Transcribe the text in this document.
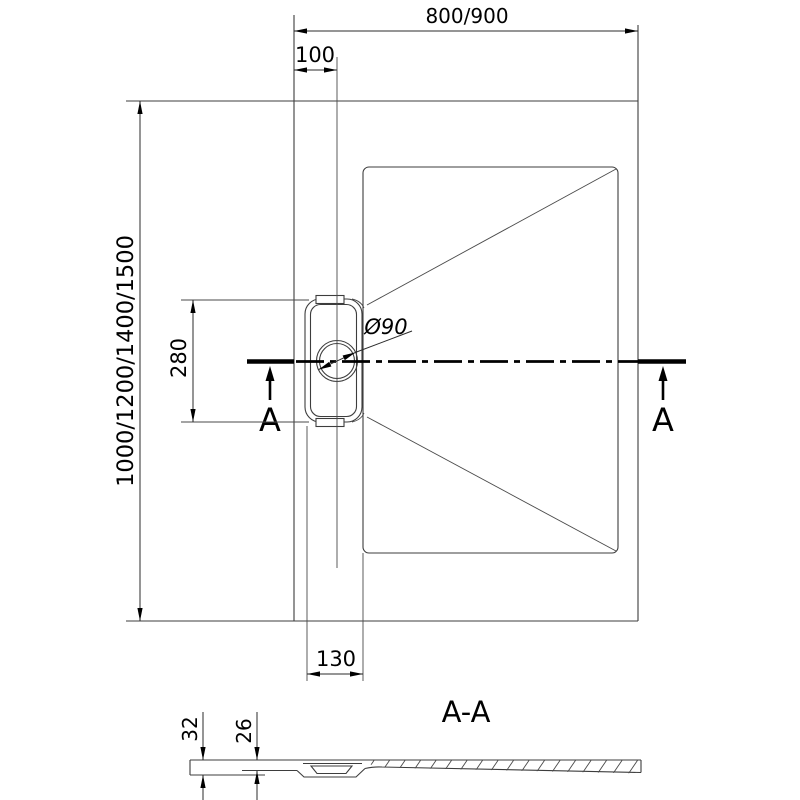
A	A
800/900
100
1000/1200/1400/1500 280
Ø90
130
A-A
32 26
